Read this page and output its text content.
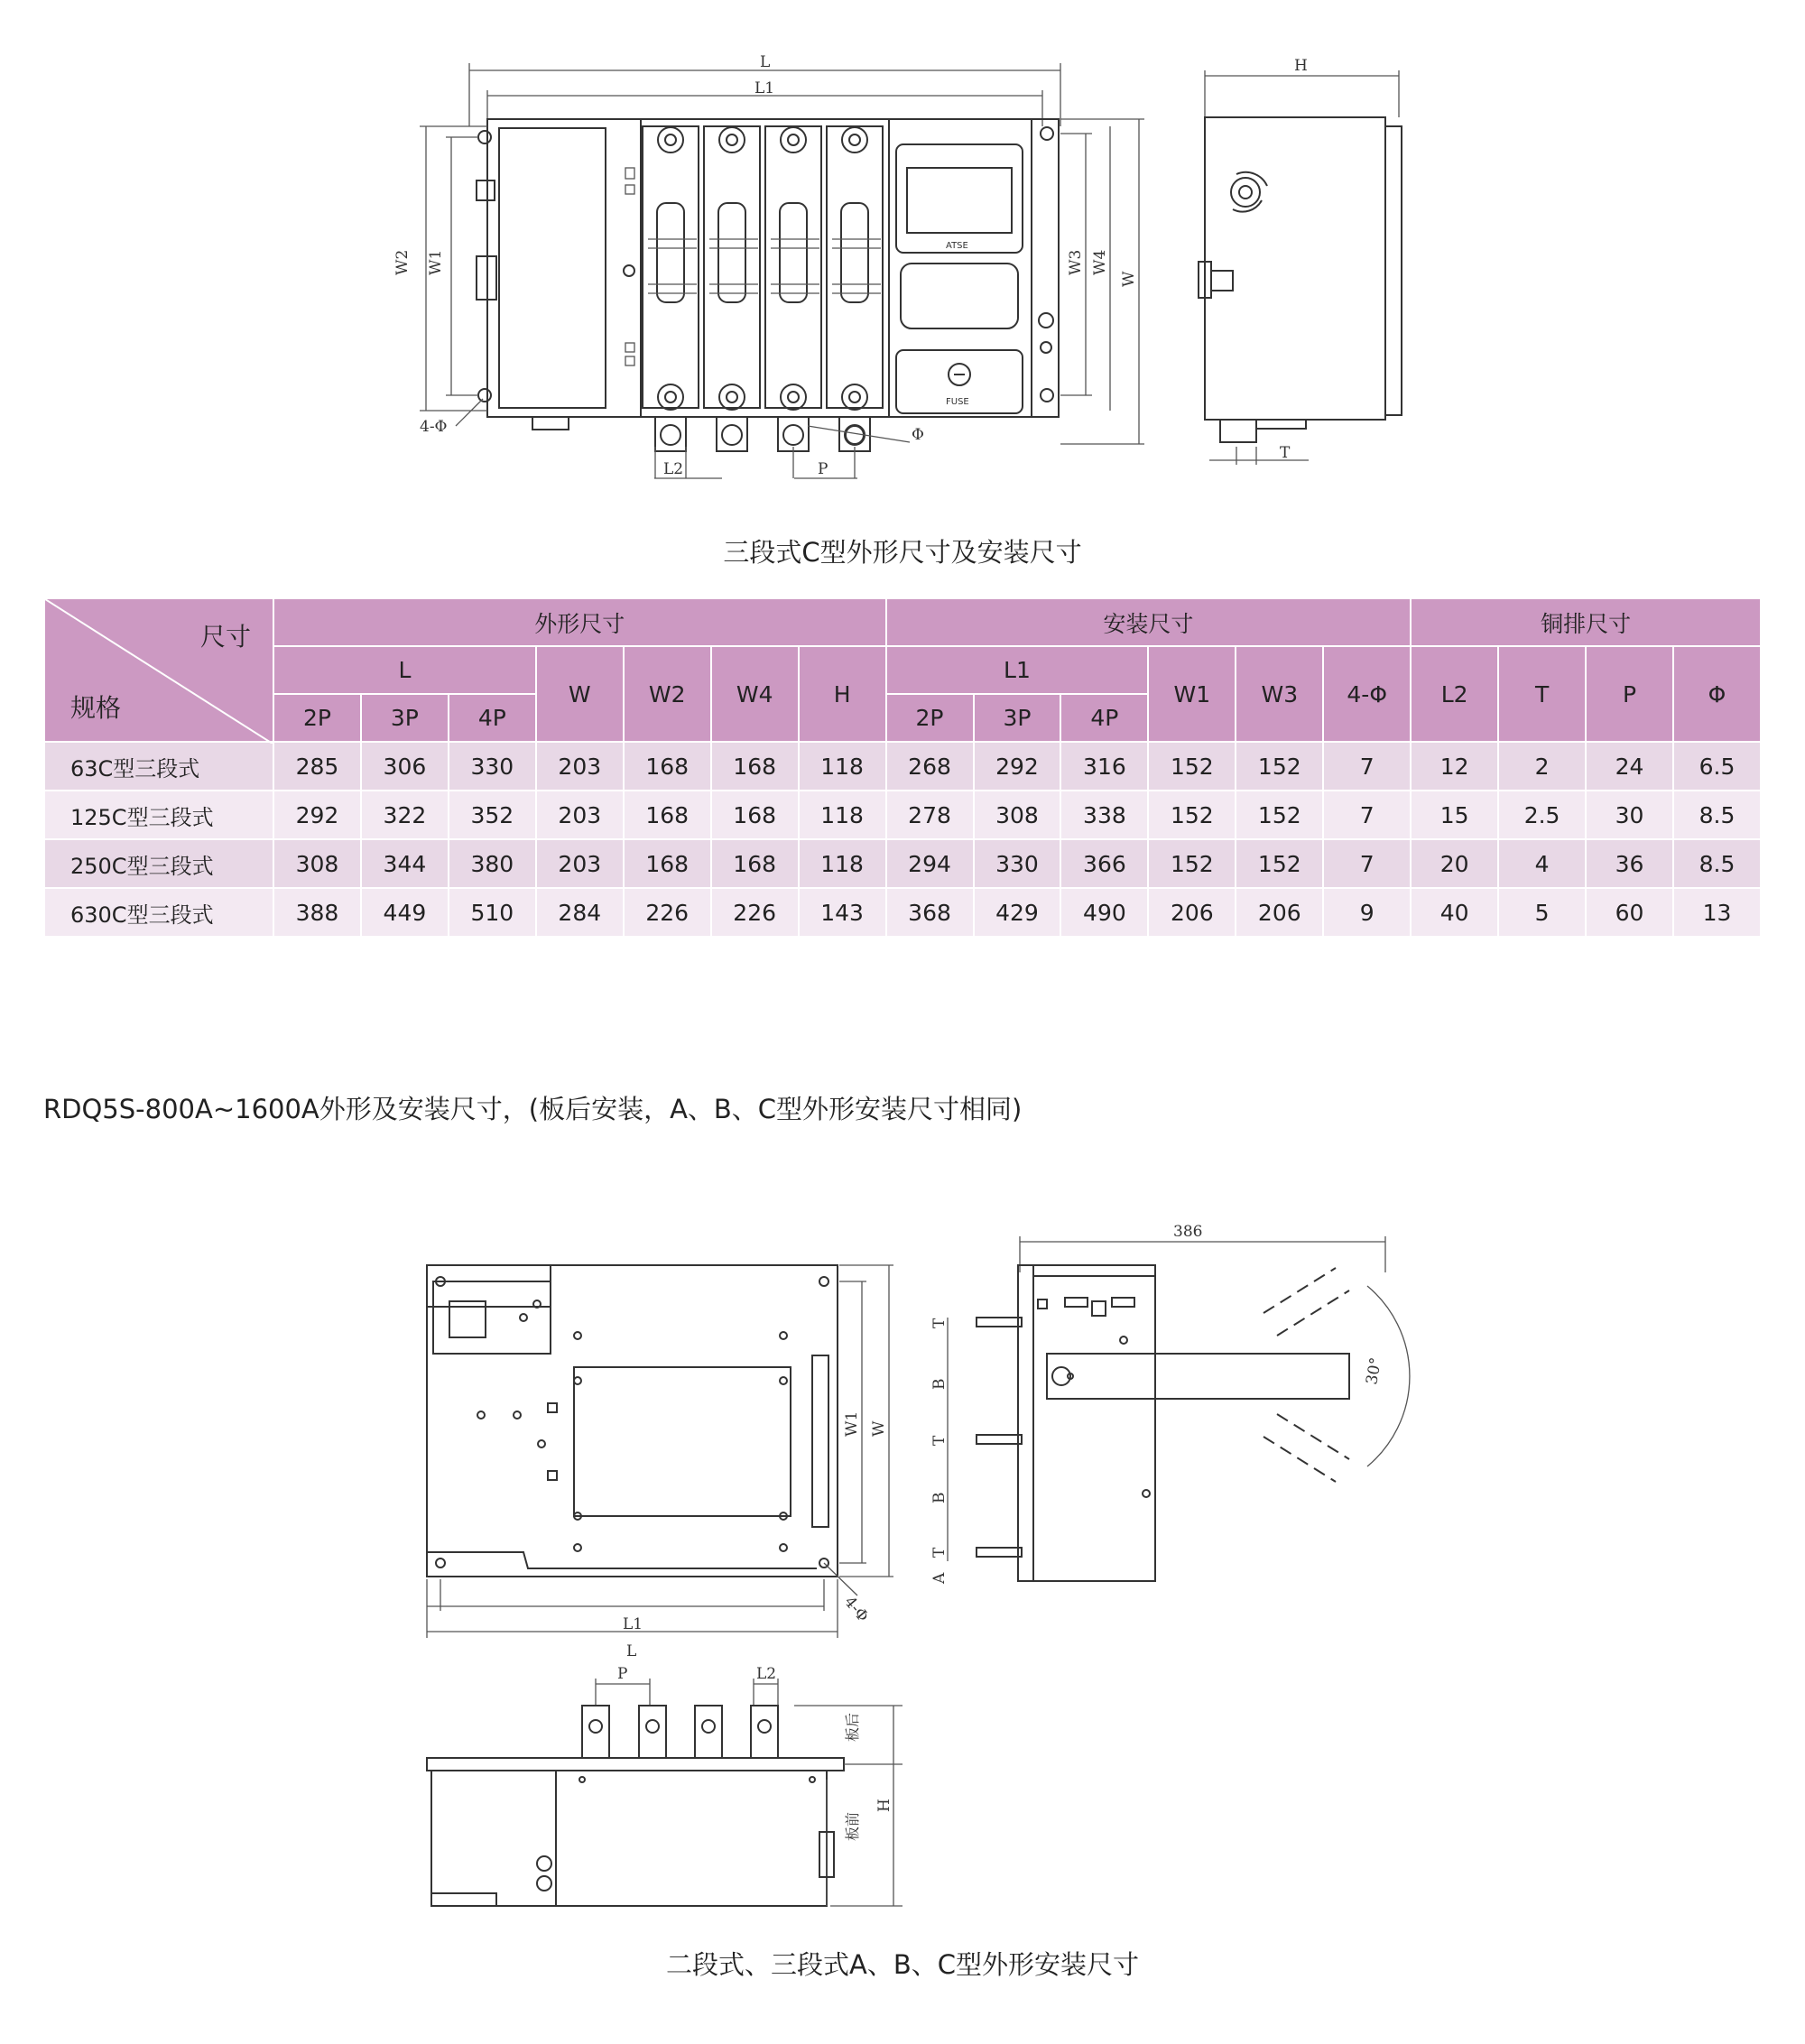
L
L1
ATSE
FUSE
W2 W1
4-Φ
W3 W4
W
L2	P
Φ
H
T
三段式C型外形尺寸及安装尺寸
尺寸
规格	外形尺寸							安装尺寸						铜排尺寸			
	L			W	W2	W4	H	L1			W1	W3	4-Φ	L2	T	P	Φ
	2P	3P	4P					2P	3P	4P							
63C型三段式	285	306	330	203	168	168	118	268	292	316	152	152	7	12	2	24	6.5
125C型三段式	292	322	352	203	168	168	118	278	308	338	152	152	7	15	2.5	30	8.5
250C型三段式	308	344	380	203	168	168	118	294	330	366	152	152	7	20	4	36	8.5
630C型三段式	388	449	510	284	226	226	143	368	429	490	206	206	9	40	5	60	13
RDQ5S-800A~1600A外形及安装尺寸，(板后安装，A、B、C型外形安装尺寸相同)
L1
L
W1 W
4-Φ
386
30°
T
B
T
B
T
A
P	L2
板后
板前
H
二段式、三段式A、B、C型外形安装尺寸
